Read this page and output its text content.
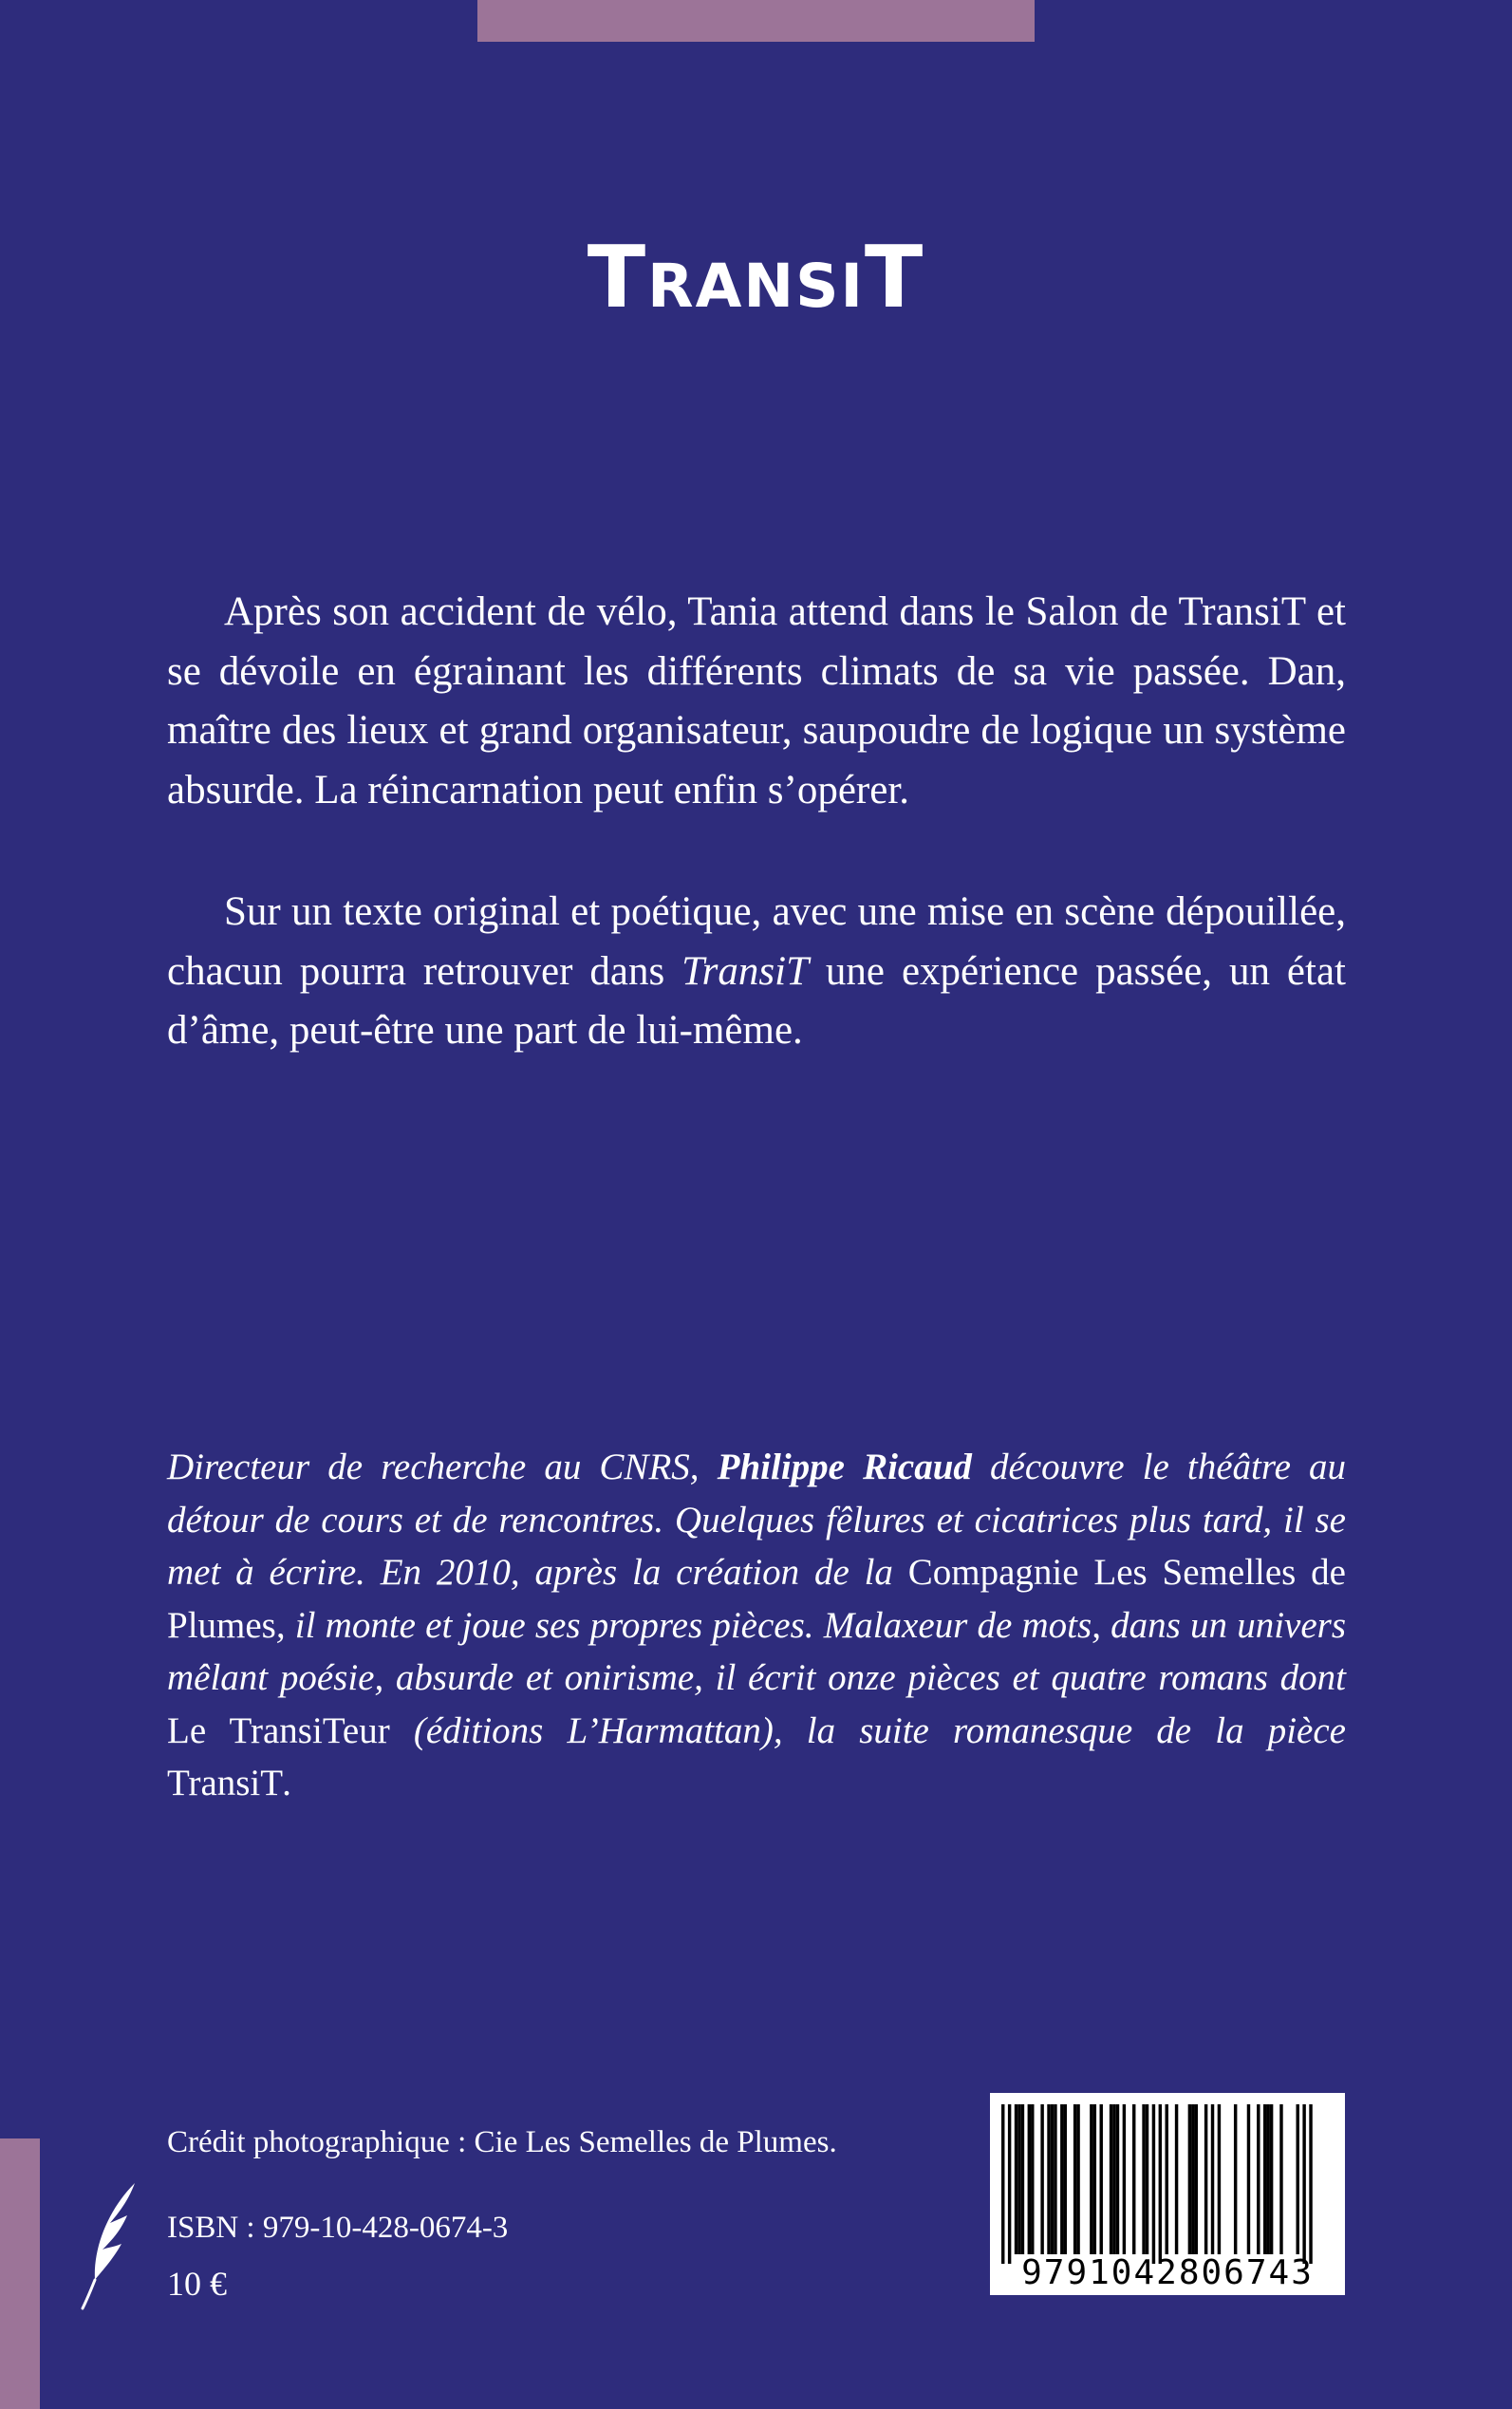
TransiT

Après son accident de vélo, Tania attend dans le Salon de TransiT et se dévoile en égrainant les différents climats de sa vie passée. Dan, maître des lieux et grand organisateur, saupoudre de logique un système absurde. La réincarnation peut enfin s’opérer.

Sur un texte original et poétique, avec une mise en scène dépouillée, chacun pourra retrouver dans TransiT une expérience passée, un état d’âme, peut-être une part de lui-même.

Directeur de recherche au CNRS, Philippe Ricaud découvre le théâtre au détour de cours et de rencontres. Quelques fêlures et cicatrices plus tard, il se met à écrire. En 2010, après la création de la Compagnie Les Semelles de Plumes, il monte et joue ses propres pièces. Malaxeur de mots, dans un univers mêlant poésie, absurde et onirisme, il écrit onze pièces et quatre romans dont Le TransiTeur (éditions L’Harmattan), la suite romanesque de la pièce TransiT.
Crédit photographique : Cie Les Semelles de Plumes.
ISBN : 979-10-428-0674-3
10 €	9791042806743
